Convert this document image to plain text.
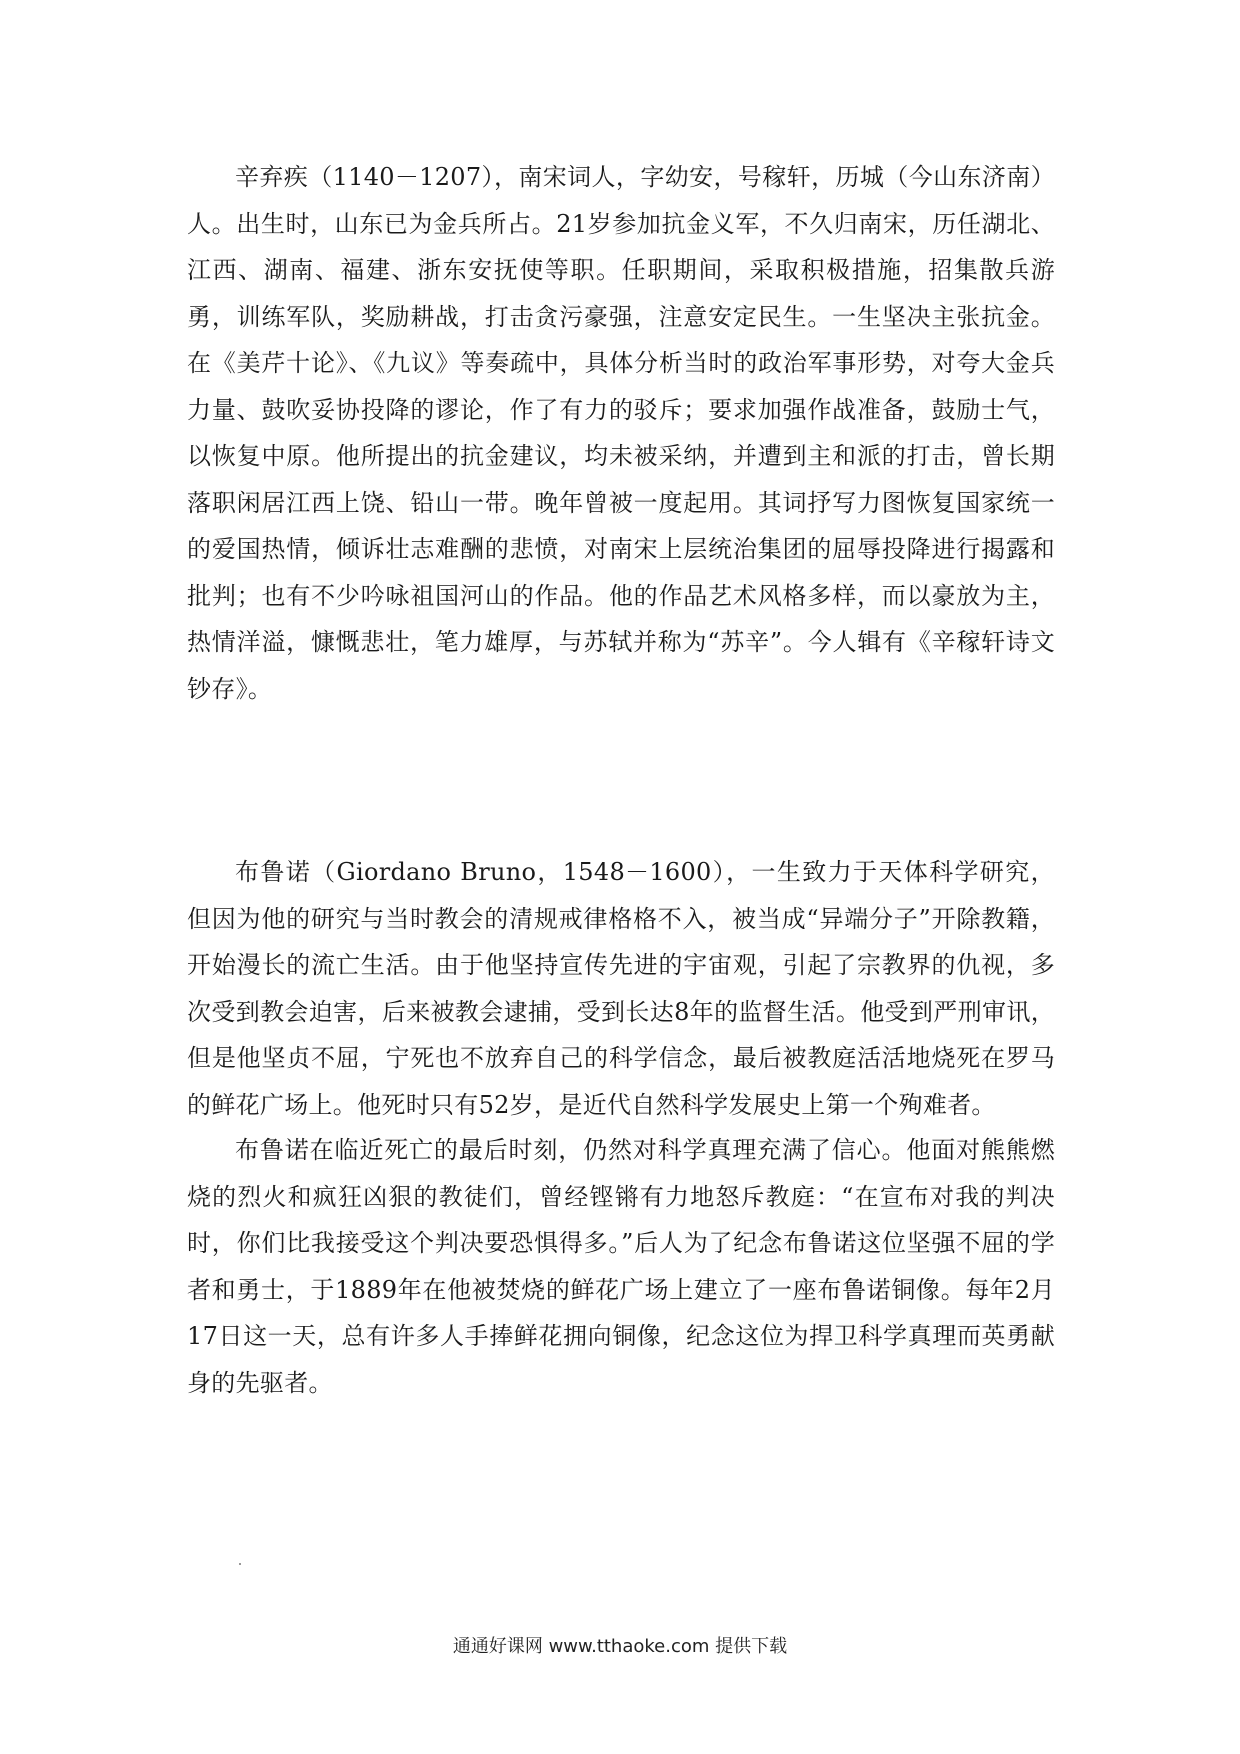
辛弃疾（1140－1207），南宋词人，字幼安，号稼轩，历城（今山东济南）人。出生时，山东已为金兵所占。21岁参加抗金义军，不久归南宋，历任湖北、江西、湖南、福建、浙东安抚使等职。任职期间，采取积极措施，招集散兵游勇，训练军队，奖励耕战，打击贪污豪强，注意安定民生。一生坚决主张抗金。在《美芹十论》、《九议》等奏疏中，具体分析当时的政治军事形势，对夸大金兵力量、鼓吹妥协投降的谬论，作了有力的驳斥；要求加强作战准备，鼓励士气，以恢复中原。他所提出的抗金建议，均未被采纳，并遭到主和派的打击，曾长期落职闲居江西上饶、铅山一带。晚年曾被一度起用。其词抒写力图恢复国家统一的爱国热情，倾诉壮志难酬的悲愤，对南宋上层统治集团的屈辱投降进行揭露和批判；也有不少吟咏祖国河山的作品。他的作品艺术风格多样，而以豪放为主，热情洋溢，慷慨悲壮，笔力雄厚，与苏轼并称为“苏辛”。今人辑有《辛稼轩诗文钞存》。

布鲁诺（Giordano Bruno，1548－1600），一生致力于天体科学研究，但因为他的研究与当时教会的清规戒律格格不入，被当成“异端分子”开除教籍，开始漫长的流亡生活。由于他坚持宣传先进的宇宙观，引起了宗教界的仇视，多次受到教会迫害，后来被教会逮捕，受到长达8年的监督生活。他受到严刑审讯，但是他坚贞不屈，宁死也不放弃自己的科学信念，最后被教庭活活地烧死在罗马的鲜花广场上。他死时只有52岁，是近代自然科学发展史上第一个殉难者。

布鲁诺在临近死亡的最后时刻，仍然对科学真理充满了信心。他面对熊熊燃烧的烈火和疯狂凶狠的教徒们，曾经铿锵有力地怒斥教庭：“在宣布对我的判决时，你们比我接受这个判决要恐惧得多。”后人为了纪念布鲁诺这位坚强不屈的学者和勇士，于1889年在他被焚烧的鲜花广场上建立了一座布鲁诺铜像。每年2月17日这一天，总有许多人手捧鲜花拥向铜像，纪念这位为捍卫科学真理而英勇献身的先驱者。

通通好课网 www.tthaoke.com 提供下载
